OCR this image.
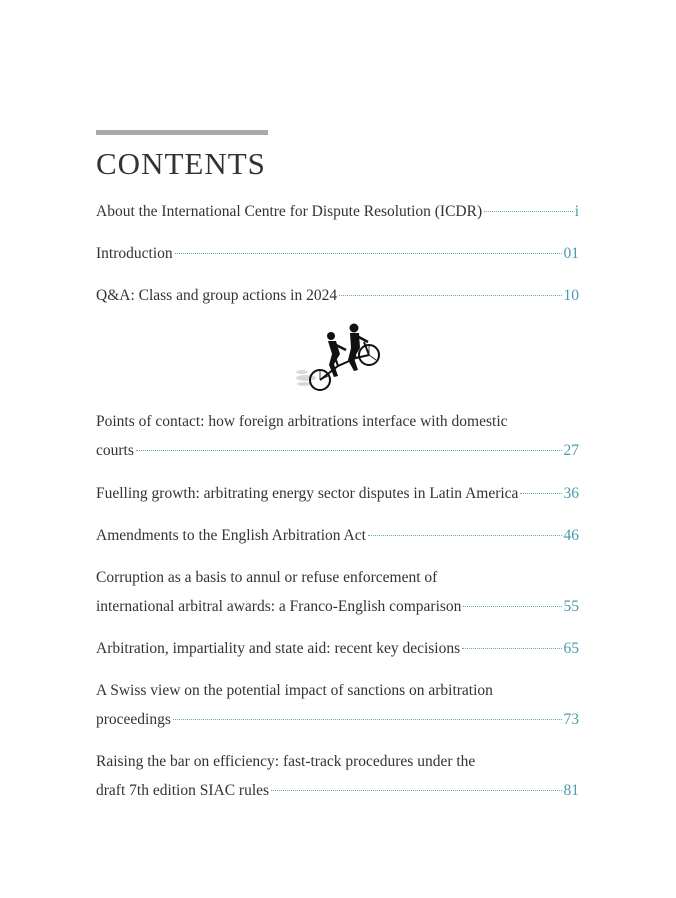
CONTENTS
About the International Centre for Dispute Resolution (ICDR)	i
Introduction	01
Q&A: Class and group actions in 2024	10
Points of contact: how foreign arbitrations interface with domestic
courts	27
Fuelling growth: arbitrating energy sector disputes in Latin America	36
Amendments to the English Arbitration Act	46
Corruption as a basis to annul or refuse enforcement of
international arbitral awards: a Franco-English comparison	55
Arbitration, impartiality and state aid: recent key decisions	65
A Swiss view on the potential impact of sanctions on arbitration
proceedings	73
Raising the bar on efficiency: fast-track procedures under the
draft 7th edition SIAC rules	81
